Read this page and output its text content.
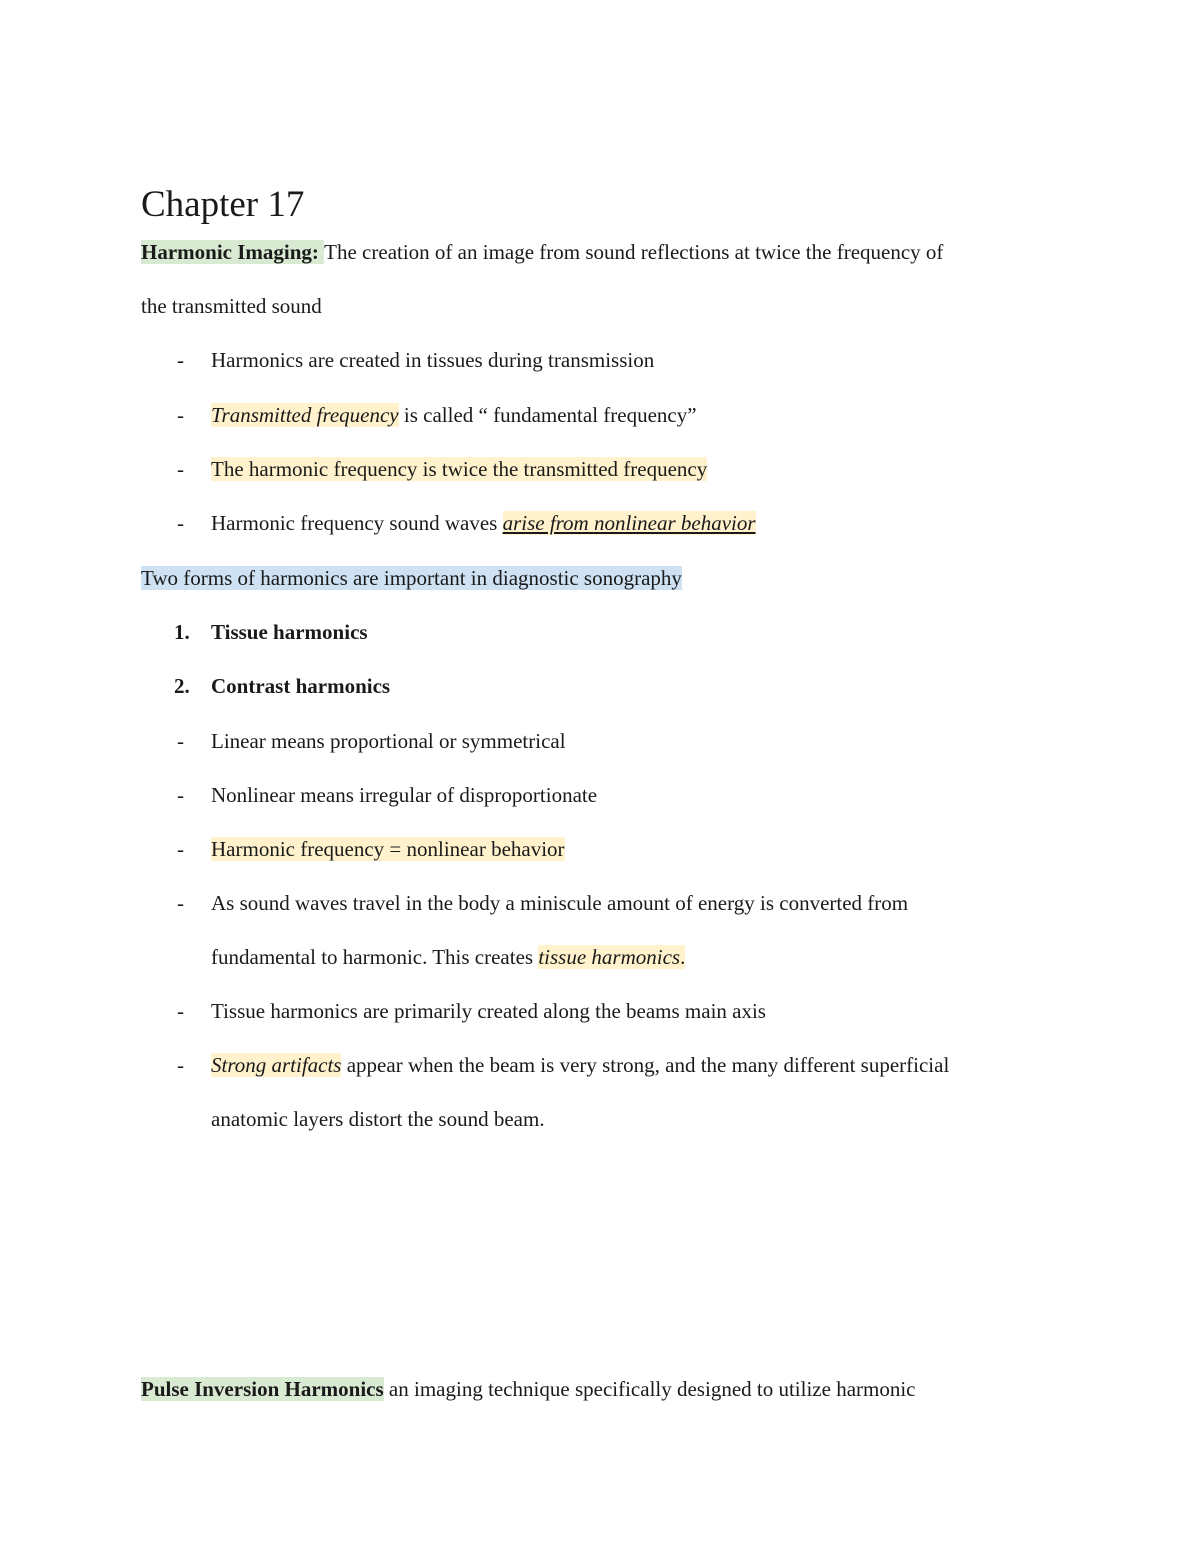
Chapter 17
Harmonic Imaging: The creation of an image from sound reflections at twice the frequency of
the transmitted sound
- Harmonics are created in tissues during transmission
- Transmitted frequency is called “ fundamental frequency”
- The harmonic frequency is twice the transmitted frequency
- Harmonic frequency sound waves arise from nonlinear behavior
Two forms of harmonics are important in diagnostic sonography
1. Tissue harmonics
2. Contrast harmonics
- Linear means proportional or symmetrical
- Nonlinear means irregular of disproportionate
- Harmonic frequency = nonlinear behavior
- As sound waves travel in the body a miniscule amount of energy is converted from
fundamental to harmonic. This creates tissue harmonics.
- Tissue harmonics are primarily created along the beams main axis
- Strong artifacts appear when the beam is very strong, and the many different superficial
anatomic layers distort the sound beam.
Pulse Inversion Harmonics an imaging technique specifically designed to utilize harmonic
